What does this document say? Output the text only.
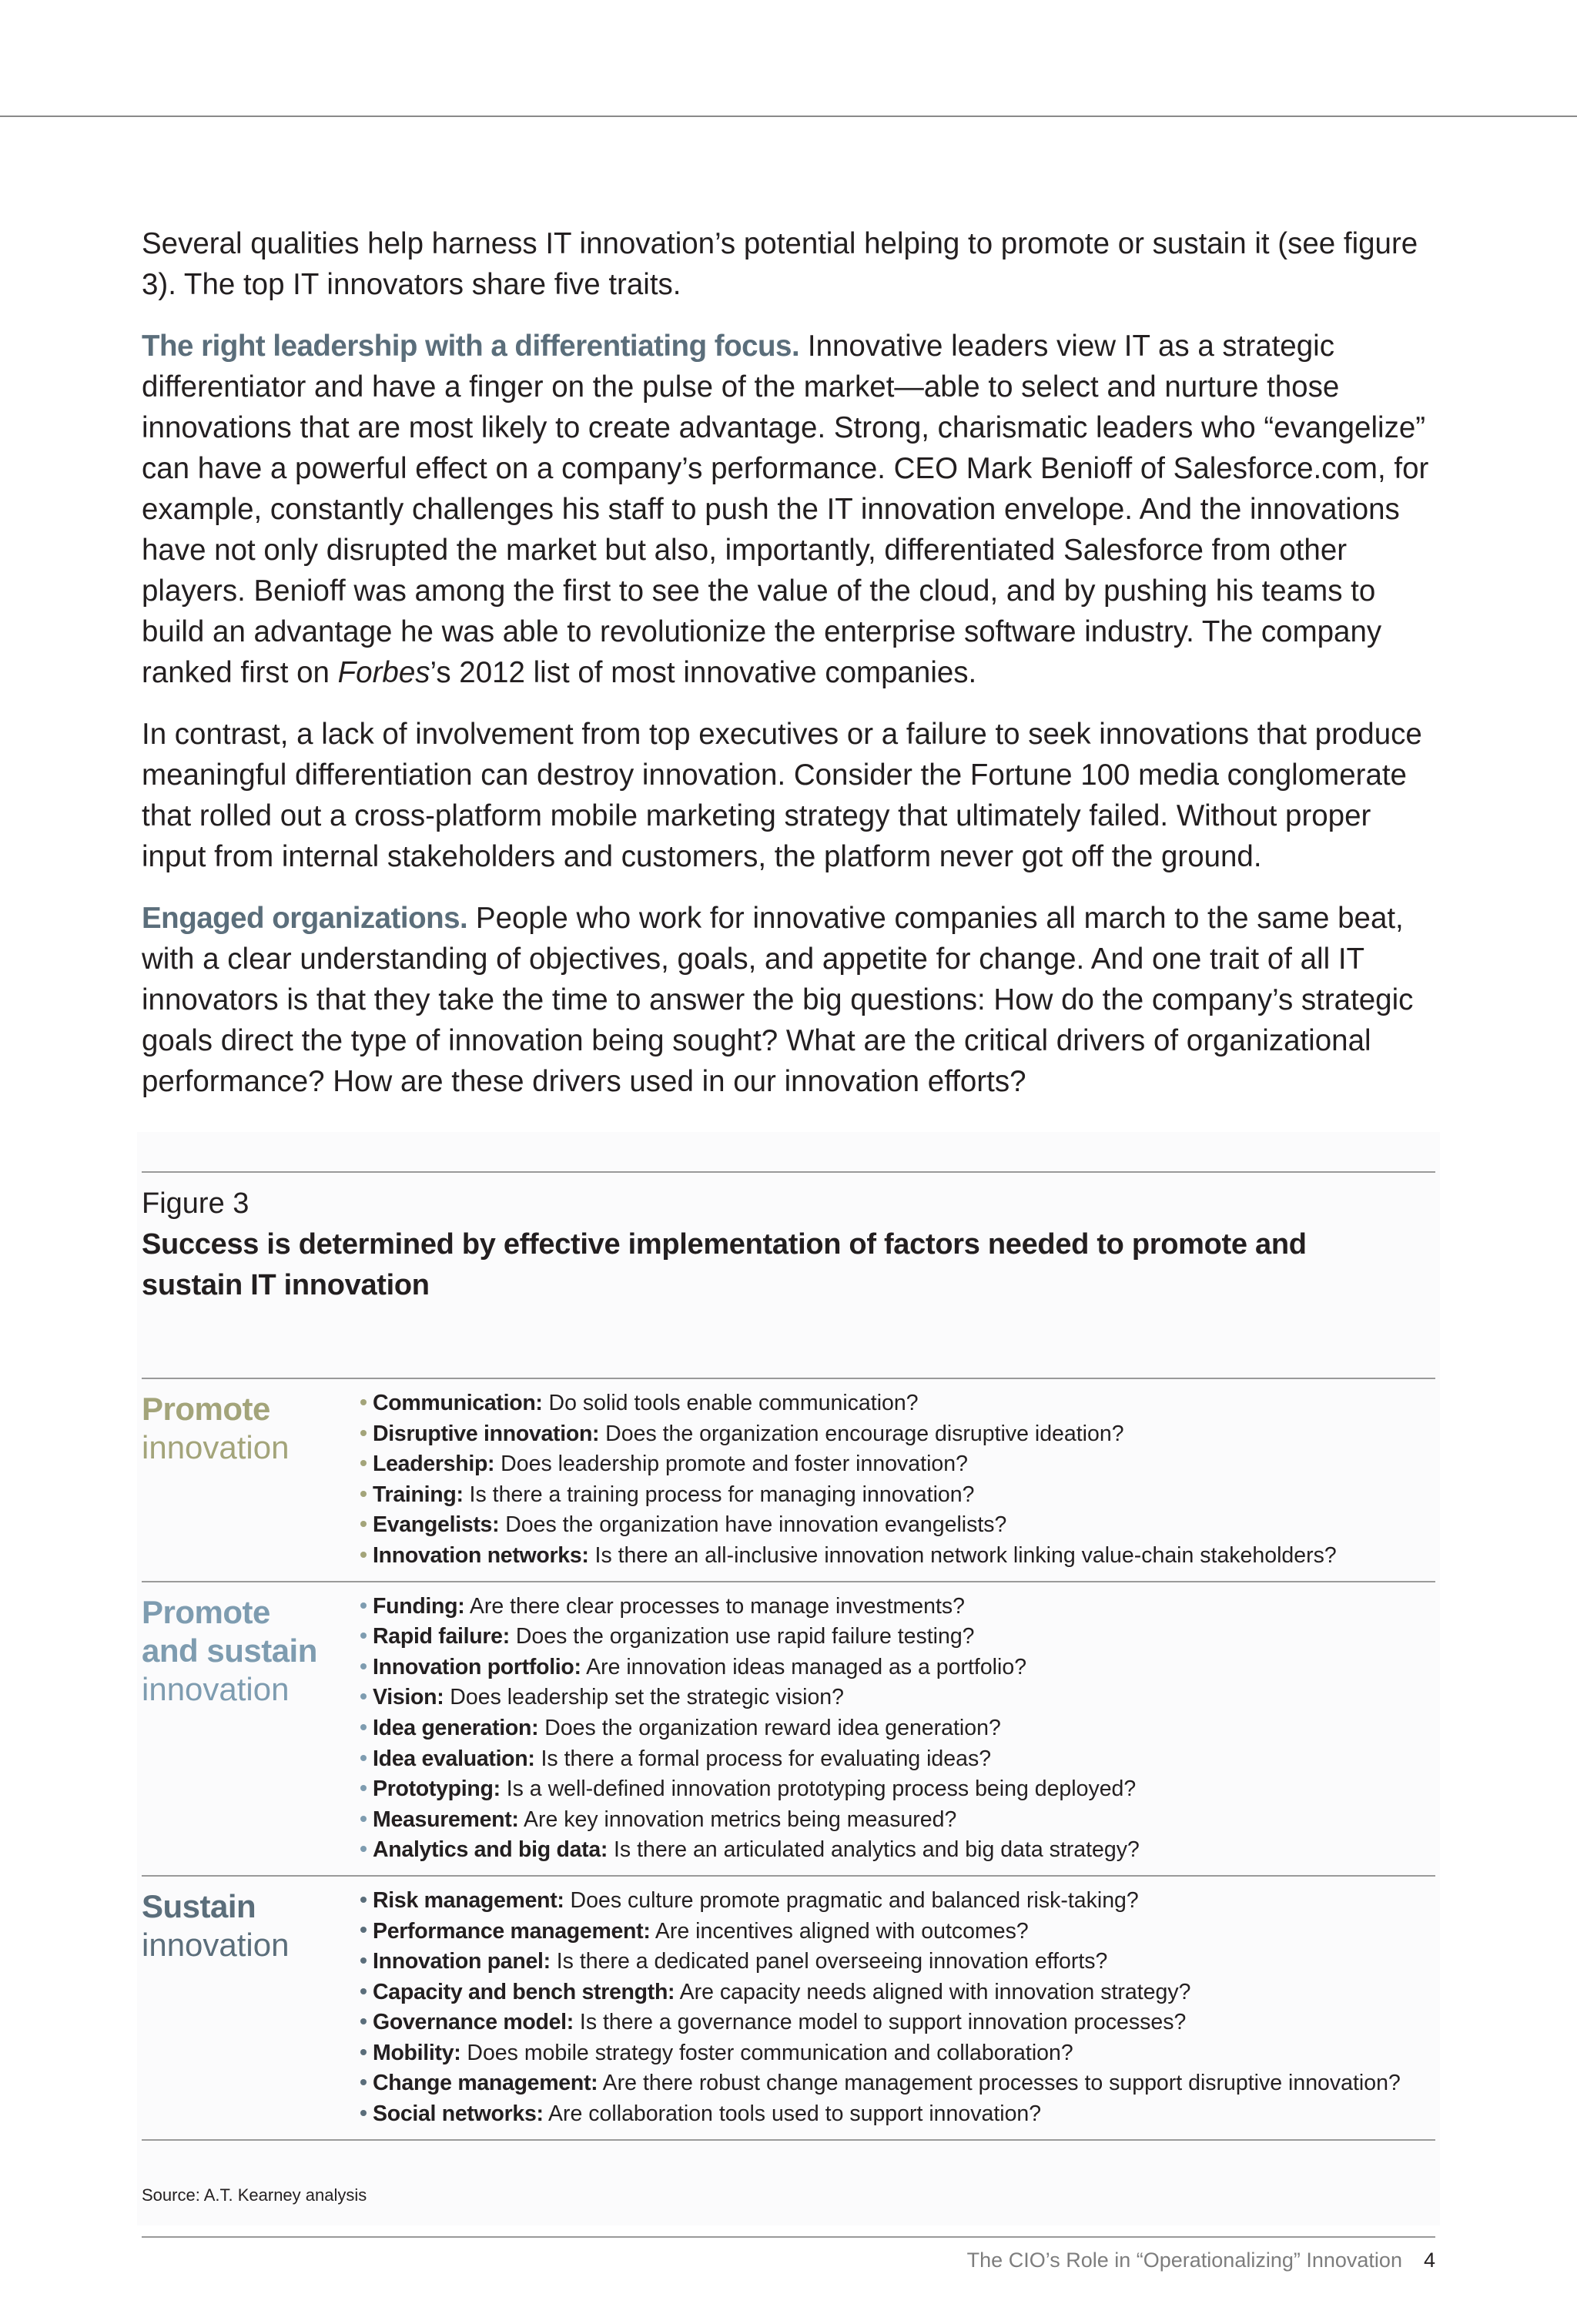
Several qualities help harness IT innovation’s potential helping to promote or sustain it (see figure 3). The top IT innovators share five traits.

The right leadership with a differentiating focus. Innovative leaders view IT as a strategic differentiator and have a finger on the pulse of the market—able to select and nurture those innovations that are most likely to create advantage. Strong, charismatic leaders who “evangelize” can have a powerful effect on a company’s performance. CEO Mark Benioff of Salesforce.com, for example, constantly challenges his staff to push the IT innovation envelope. And the innovations have not only disrupted the market but also, importantly, differentiated Salesforce from other players. Benioff was among the first to see the value of the cloud, and by pushing his teams to build an advantage he was able to revolutionize the enterprise software industry. The company ranked first on Forbes’s 2012 list of most innovative companies.

In contrast, a lack of involvement from top executives or a failure to seek innovations that produce meaningful differentiation can destroy innovation. Consider the Fortune 100 media conglomerate that rolled out a cross-platform mobile marketing strategy that ultimately failed. Without proper input from internal stakeholders and customers, the platform never got off the ground.

Engaged organizations. People who work for innovative companies all march to the same beat, with a clear understanding of objectives, goals, and appetite for change. And one trait of all IT innovators is that they take the time to answer the big questions: How do the company’s strategic goals direct the type of innovation being sought? What are the critical drivers of organizational performance? How are these drivers used in our innovation efforts?

Figure 3
Success is determined by effective implementation of factors needed to promote and sustain IT innovation
Promote
innovation
Communication: Do solid tools enable communication?
Disruptive innovation: Does the organization encourage disruptive ideation?
Leadership: Does leadership promote and foster innovation?
Training: Is there a training process for managing innovation?
Evangelists: Does the organization have innovation evangelists?
Innovation networks: Is there an all-inclusive innovation network linking value-chain stakeholders?
Promote and sustain
innovation
Funding: Are there clear processes to manage investments?
Rapid failure: Does the organization use rapid failure testing?
Innovation portfolio: Are innovation ideas managed as a portfolio?
Vision: Does leadership set the strategic vision?
Idea generation: Does the organization reward idea generation?
Idea evaluation: Is there a formal process for evaluating ideas?
Prototyping: Is a well-defined innovation prototyping process being deployed?
Measurement: Are key innovation metrics being measured?
Analytics and big data: Is there an articulated analytics and big data strategy?
Sustain
innovation
Risk management: Does culture promote pragmatic and balanced risk-taking?
Performance management: Are incentives aligned with outcomes?
Innovation panel: Is there a dedicated panel overseeing innovation efforts?
Capacity and bench strength: Are capacity needs aligned with innovation strategy?
Governance model: Is there a governance model to support innovation processes?
Mobility: Does mobile strategy foster communication and collaboration?
Change management: Are there robust change management processes to support disruptive innovation?
Social networks: Are collaboration tools used to support innovation?
Source: A.T. Kearney analysis
The CIO’s Role in “Operationalizing” Innovation 4
